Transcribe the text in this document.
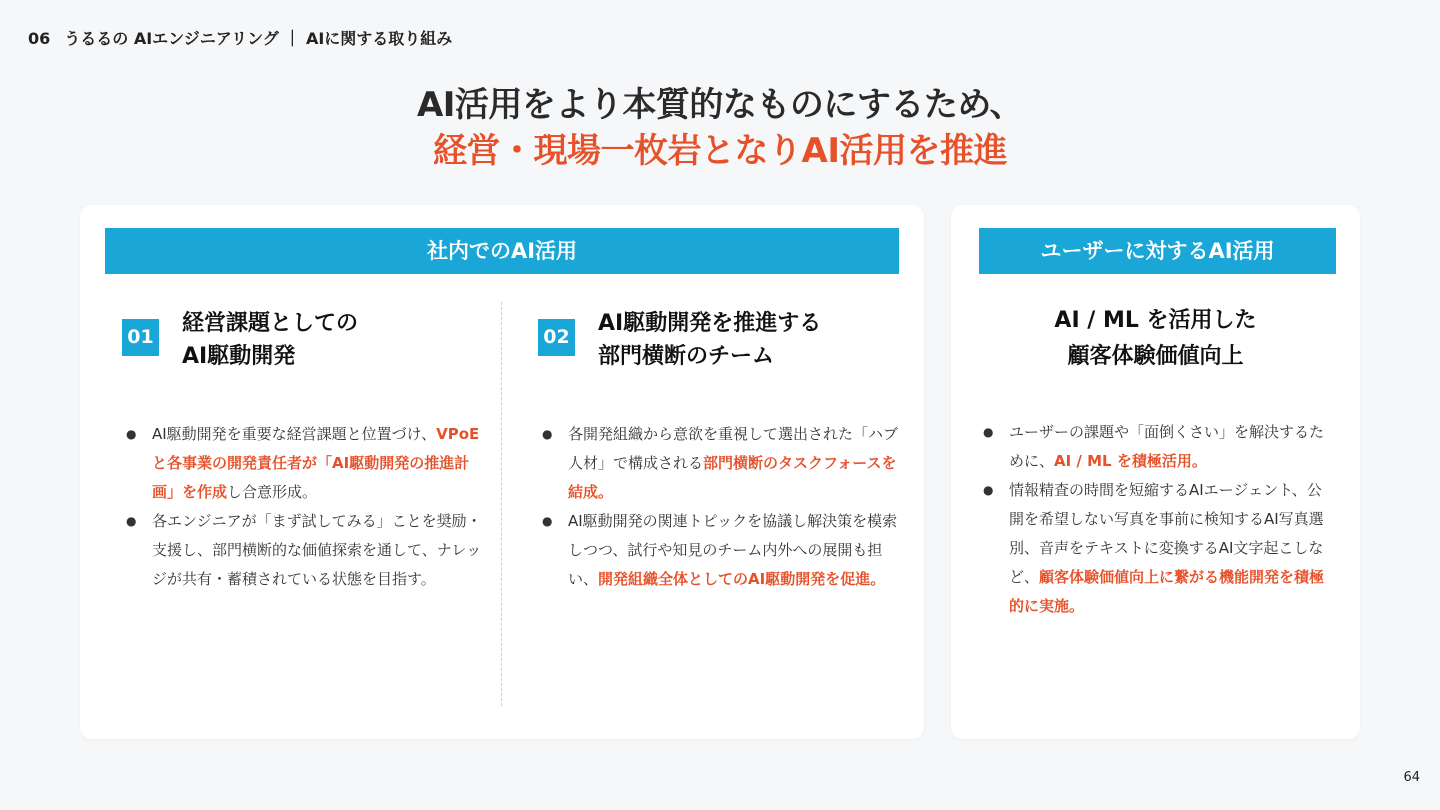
06 うるるの AIエンジニアリング ｜ AIに関する取り組み
AI活用をより本質的なものにするため、
経営・現場一枚岩となりAI活用を推進
社内でのAI活用
01
経営課題としての
AI駆動開発
● AI駆動開発を重要な経営課題と位置づけ、VPoEと各事業の開発責任者が「AI駆動開発の推進計画」を作成し合意形成。
● 各エンジニアが「まず試してみる」ことを奨励・支援し、部門横断的な価値探索を通して、ナレッジが共有・蓄積されている状態を目指す。
02
AI駆動開発を推進する
部門横断のチーム
● 各開発組織から意欲を重視して選出された「ハブ人材」で構成される部門横断のタスクフォースを結成。
● AI駆動開発の関連トピックを協議し解決策を模索しつつ、試行や知見のチーム内外への展開も担い、開発組織全体としてのAI駆動開発を促進。
ユーザーに対するAI活用
AI / ML を活用した
顧客体験価値向上
● ユーザーの課題や「面倒くさい」を解決するために、AI / ML を積極活用。
● 情報精査の時間を短縮するAIエージェント、公開を希望しない写真を事前に検知するAI写真選別、音声をテキストに変換するAI文字起こしなど、顧客体験価値向上に繋がる機能開発を積極的に実施。
64
